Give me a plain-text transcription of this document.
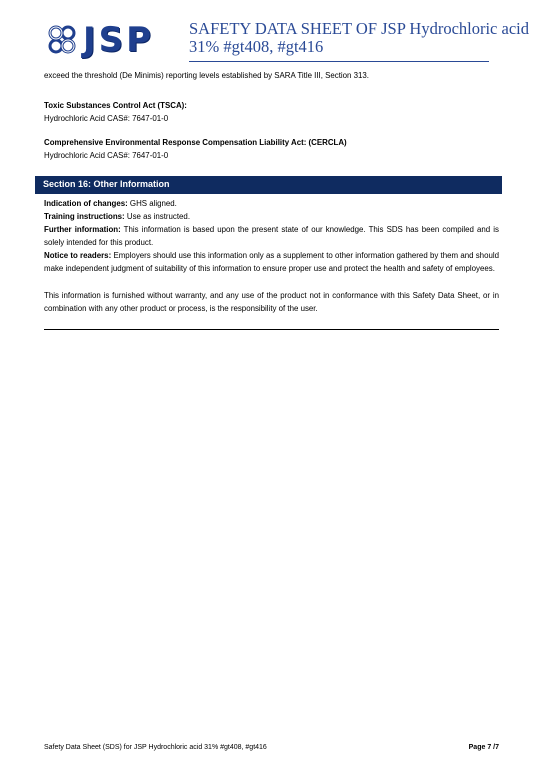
JSP SAFETY DATA SHEET OF JSP Hydrochloric acid 31% #gt408, #gt416
exceed the threshold (De Minimis) reporting levels established by SARA Title III, Section 313.
Toxic Substances Control Act (TSCA):
Hydrochloric Acid CAS#: 7647-01-0
Comprehensive Environmental Response Compensation Liability Act: (CERCLA)
Hydrochloric Acid CAS#: 7647-01-0
Section 16: Other Information
Indication of changes: GHS aligned.
Training instructions: Use as instructed.
Further information: This information is based upon the present state of our knowledge. This SDS has been compiled and is solely intended for this product.
Notice to readers: Employers should use this information only as a supplement to other information gathered by them and should make independent judgment of suitability of this information to ensure proper use and protect the health and safety of employees.
This information is furnished without warranty, and any use of the product not in conformance with this Safety Data Sheet, or in combination with any other product or process, is the responsibility of the user.
Safety Data Sheet (SDS) for JSP Hydrochloric acid 31% #gt408, #gt416	Page 7 /7
